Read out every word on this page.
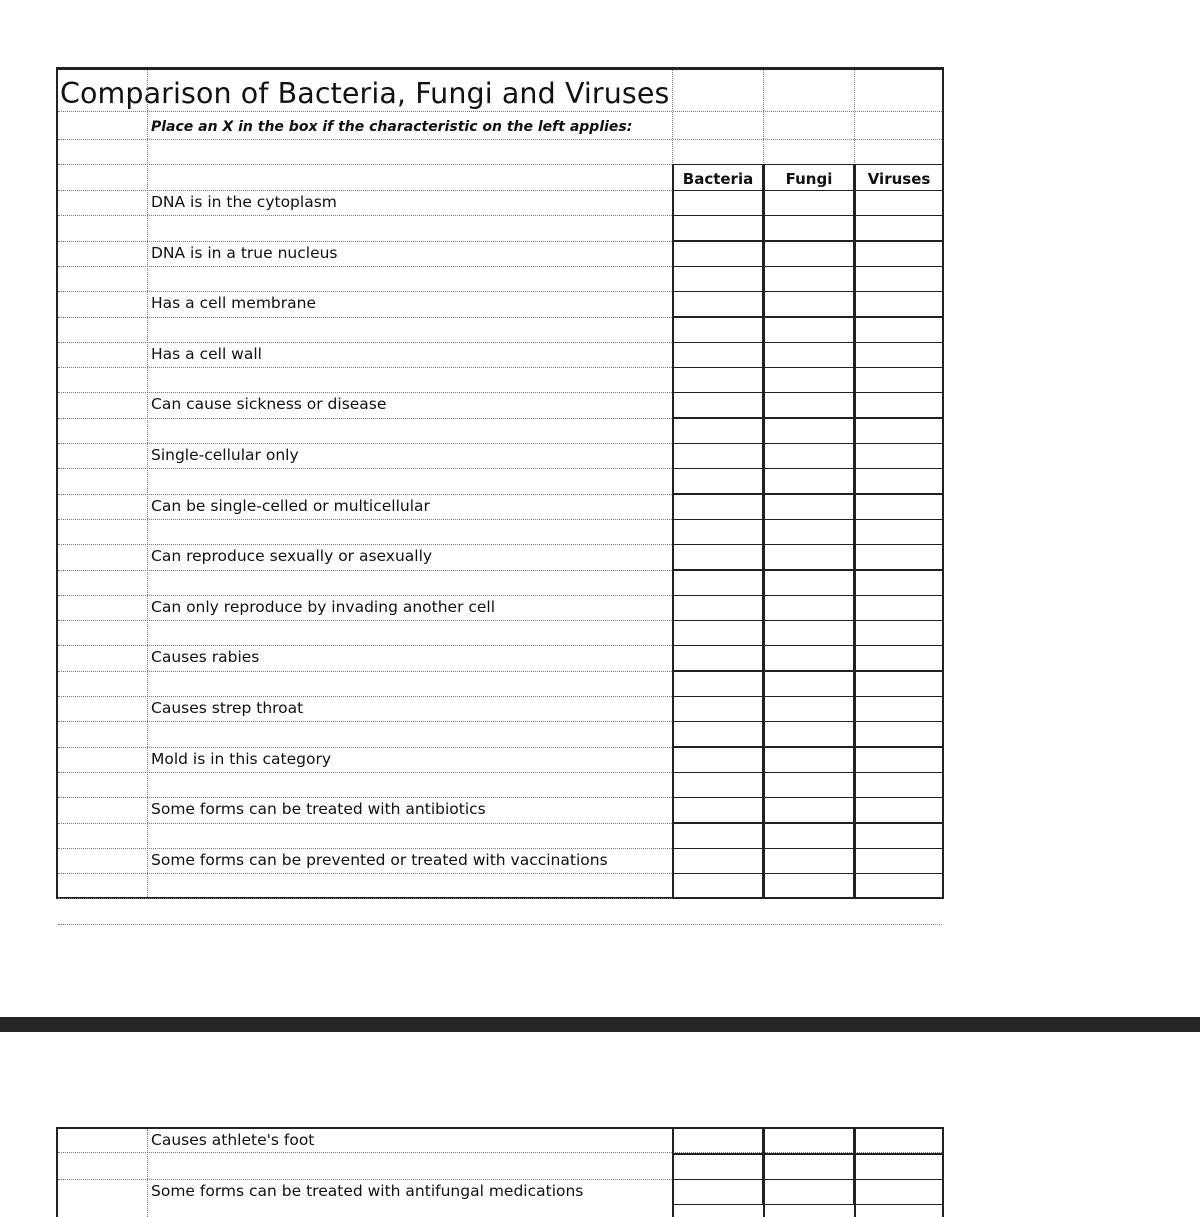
Comparison of Bacteria, Fungi and Viruses
Place an X in the box if the characteristic on the left applies:
Bacteria	Fungi	Viruses
DNA is in the cytoplasm
DNA is in a true nucleus
Has a cell membrane
Has a cell wall
Can cause sickness or disease
Single-cellular only
Can be single-celled or multicellular
Can reproduce sexually or asexually
Can only reproduce by invading another cell
Causes rabies
Causes strep throat
Mold is in this category
Some forms can be treated with antibiotics
Some forms can be prevented or treated with vaccinations
Causes athlete's foot
Some forms can be treated with antifungal medications
